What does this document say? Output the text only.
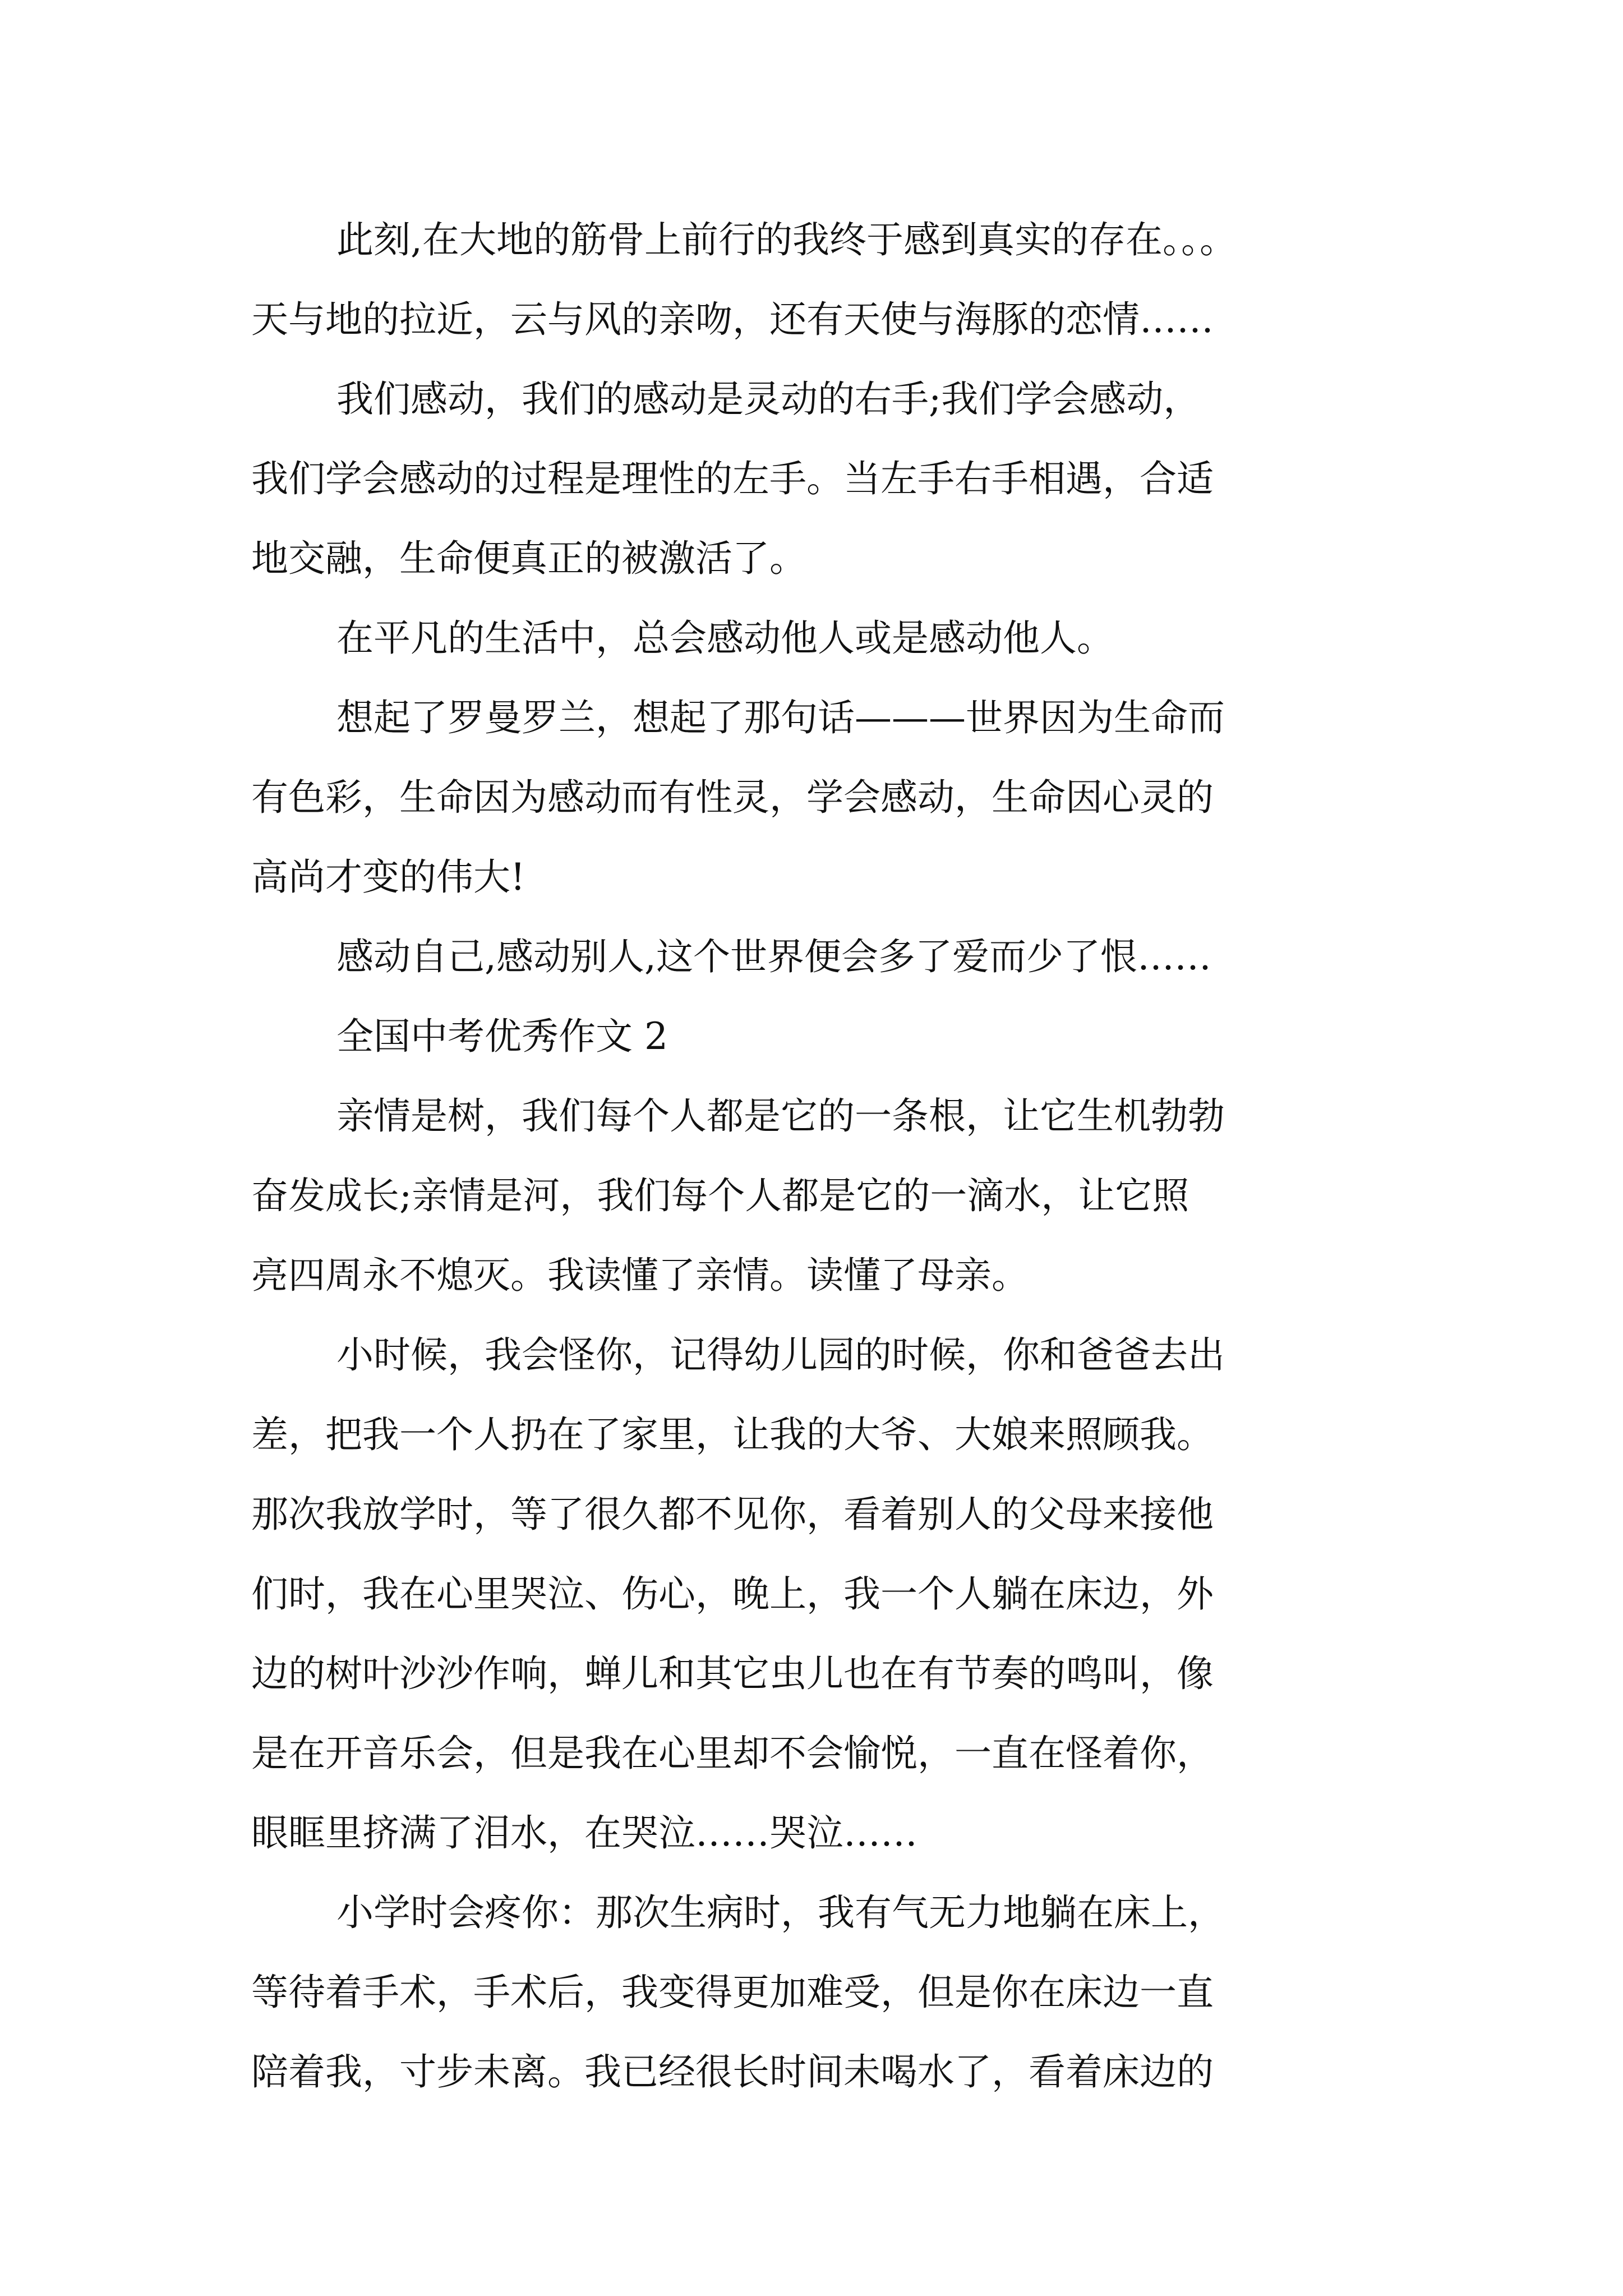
此刻,在大地的筋骨上前行的我终于感到真实的存在。。。
天与地的拉近，云与风的亲吻，还有天使与海豚的恋情……
我们感动，我们的感动是灵动的右手;我们学会感动，
我们学会感动的过程是理性的左手。当左手右手相遇，合适
地交融，生命便真正的被激活了。
在平凡的生活中，总会感动他人或是感动他人。
想起了罗曼罗兰，想起了那句话———世界因为生命而
有色彩，生命因为感动而有性灵，学会感动，生命因心灵的
高尚才变的伟大!
感动自己,感动别人,这个世界便会多了爱而少了恨……
全国中考优秀作文 2
亲情是树，我们每个人都是它的一条根，让它生机勃勃
奋发成长;亲情是河，我们每个人都是它的一滴水，让它照
亮四周永不熄灭。我读懂了亲情。读懂了母亲。
小时候，我会怪你，记得幼儿园的时候，你和爸爸去出
差，把我一个人扔在了家里，让我的大爷、大娘来照顾我。
那次我放学时，等了很久都不见你，看着别人的父母来接他
们时，我在心里哭泣、伤心，晚上，我一个人躺在床边，外
边的树叶沙沙作响，蝉儿和其它虫儿也在有节奏的鸣叫，像
是在开音乐会，但是我在心里却不会愉悦，一直在怪着你，
眼眶里挤满了泪水，在哭泣……哭泣……
小学时会疼你：那次生病时，我有气无力地躺在床上，
等待着手术，手术后，我变得更加难受，但是你在床边一直
陪着我，寸步未离。我已经很长时间未喝水了，看着床边的
